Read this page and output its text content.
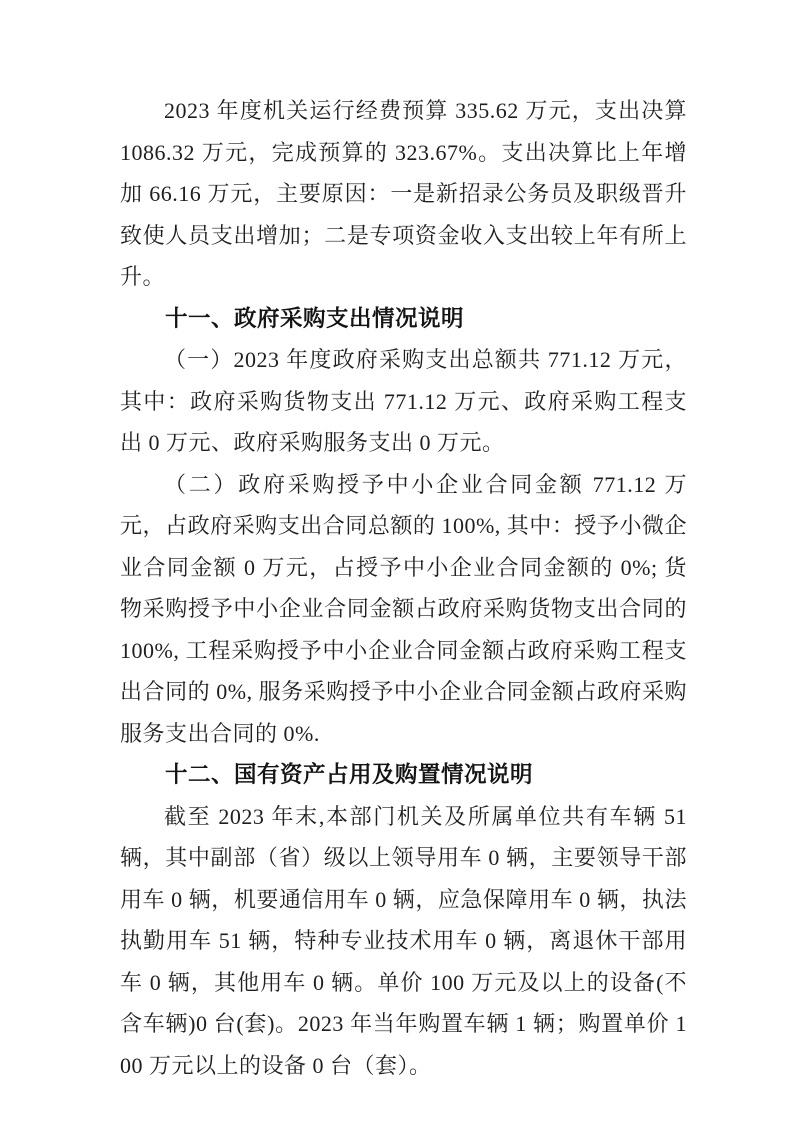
2023 年度机关运行经费预算 335.62 万元，支出决算 1086.32 万元，完成预算的 323.67%。支出决算比上年增加 66.16 万元，主要原因：一是新招录公务员及职级晋升致使人员支出增加；二是专项资金收入支出较上年有所上升。

十一、政府采购支出情况说明

（一）2023 年度政府采购支出总额共 771.12 万元，其中：政府采购货物支出 771.12 万元、政府采购工程支出 0 万元、政府采购服务支出 0 万元。

（二）政府采购授予中小企业合同金额 771.12 万元，占政府采购支出合同总额的 100%, 其中：授予小微企业合同金额 0 万元，占授予中小企业合同金额的 0%; 货物采购授予中小企业合同金额占政府采购货物支出合同的 100%, 工程采购授予中小企业合同金额占政府采购工程支出合同的 0%, 服务采购授予中小企业合同金额占政府采购服务支出合同的 0%.

十二、国有资产占用及购置情况说明

截至 2023 年末,本部门机关及所属单位共有车辆 51 辆，其中副部（省）级以上领导用车 0 辆，主要领导干部用车 0 辆，机要通信用车 0 辆，应急保障用车 0 辆，执法执勤用车 51 辆，特种专业技术用车 0 辆，离退休干部用车 0 辆，其他用车 0 辆。单价 100 万元及以上的设备(不含车辆)0 台(套)。2023 年当年购置车辆 1 辆；购置单价 100 万元以上的设备 0 台（套）。
